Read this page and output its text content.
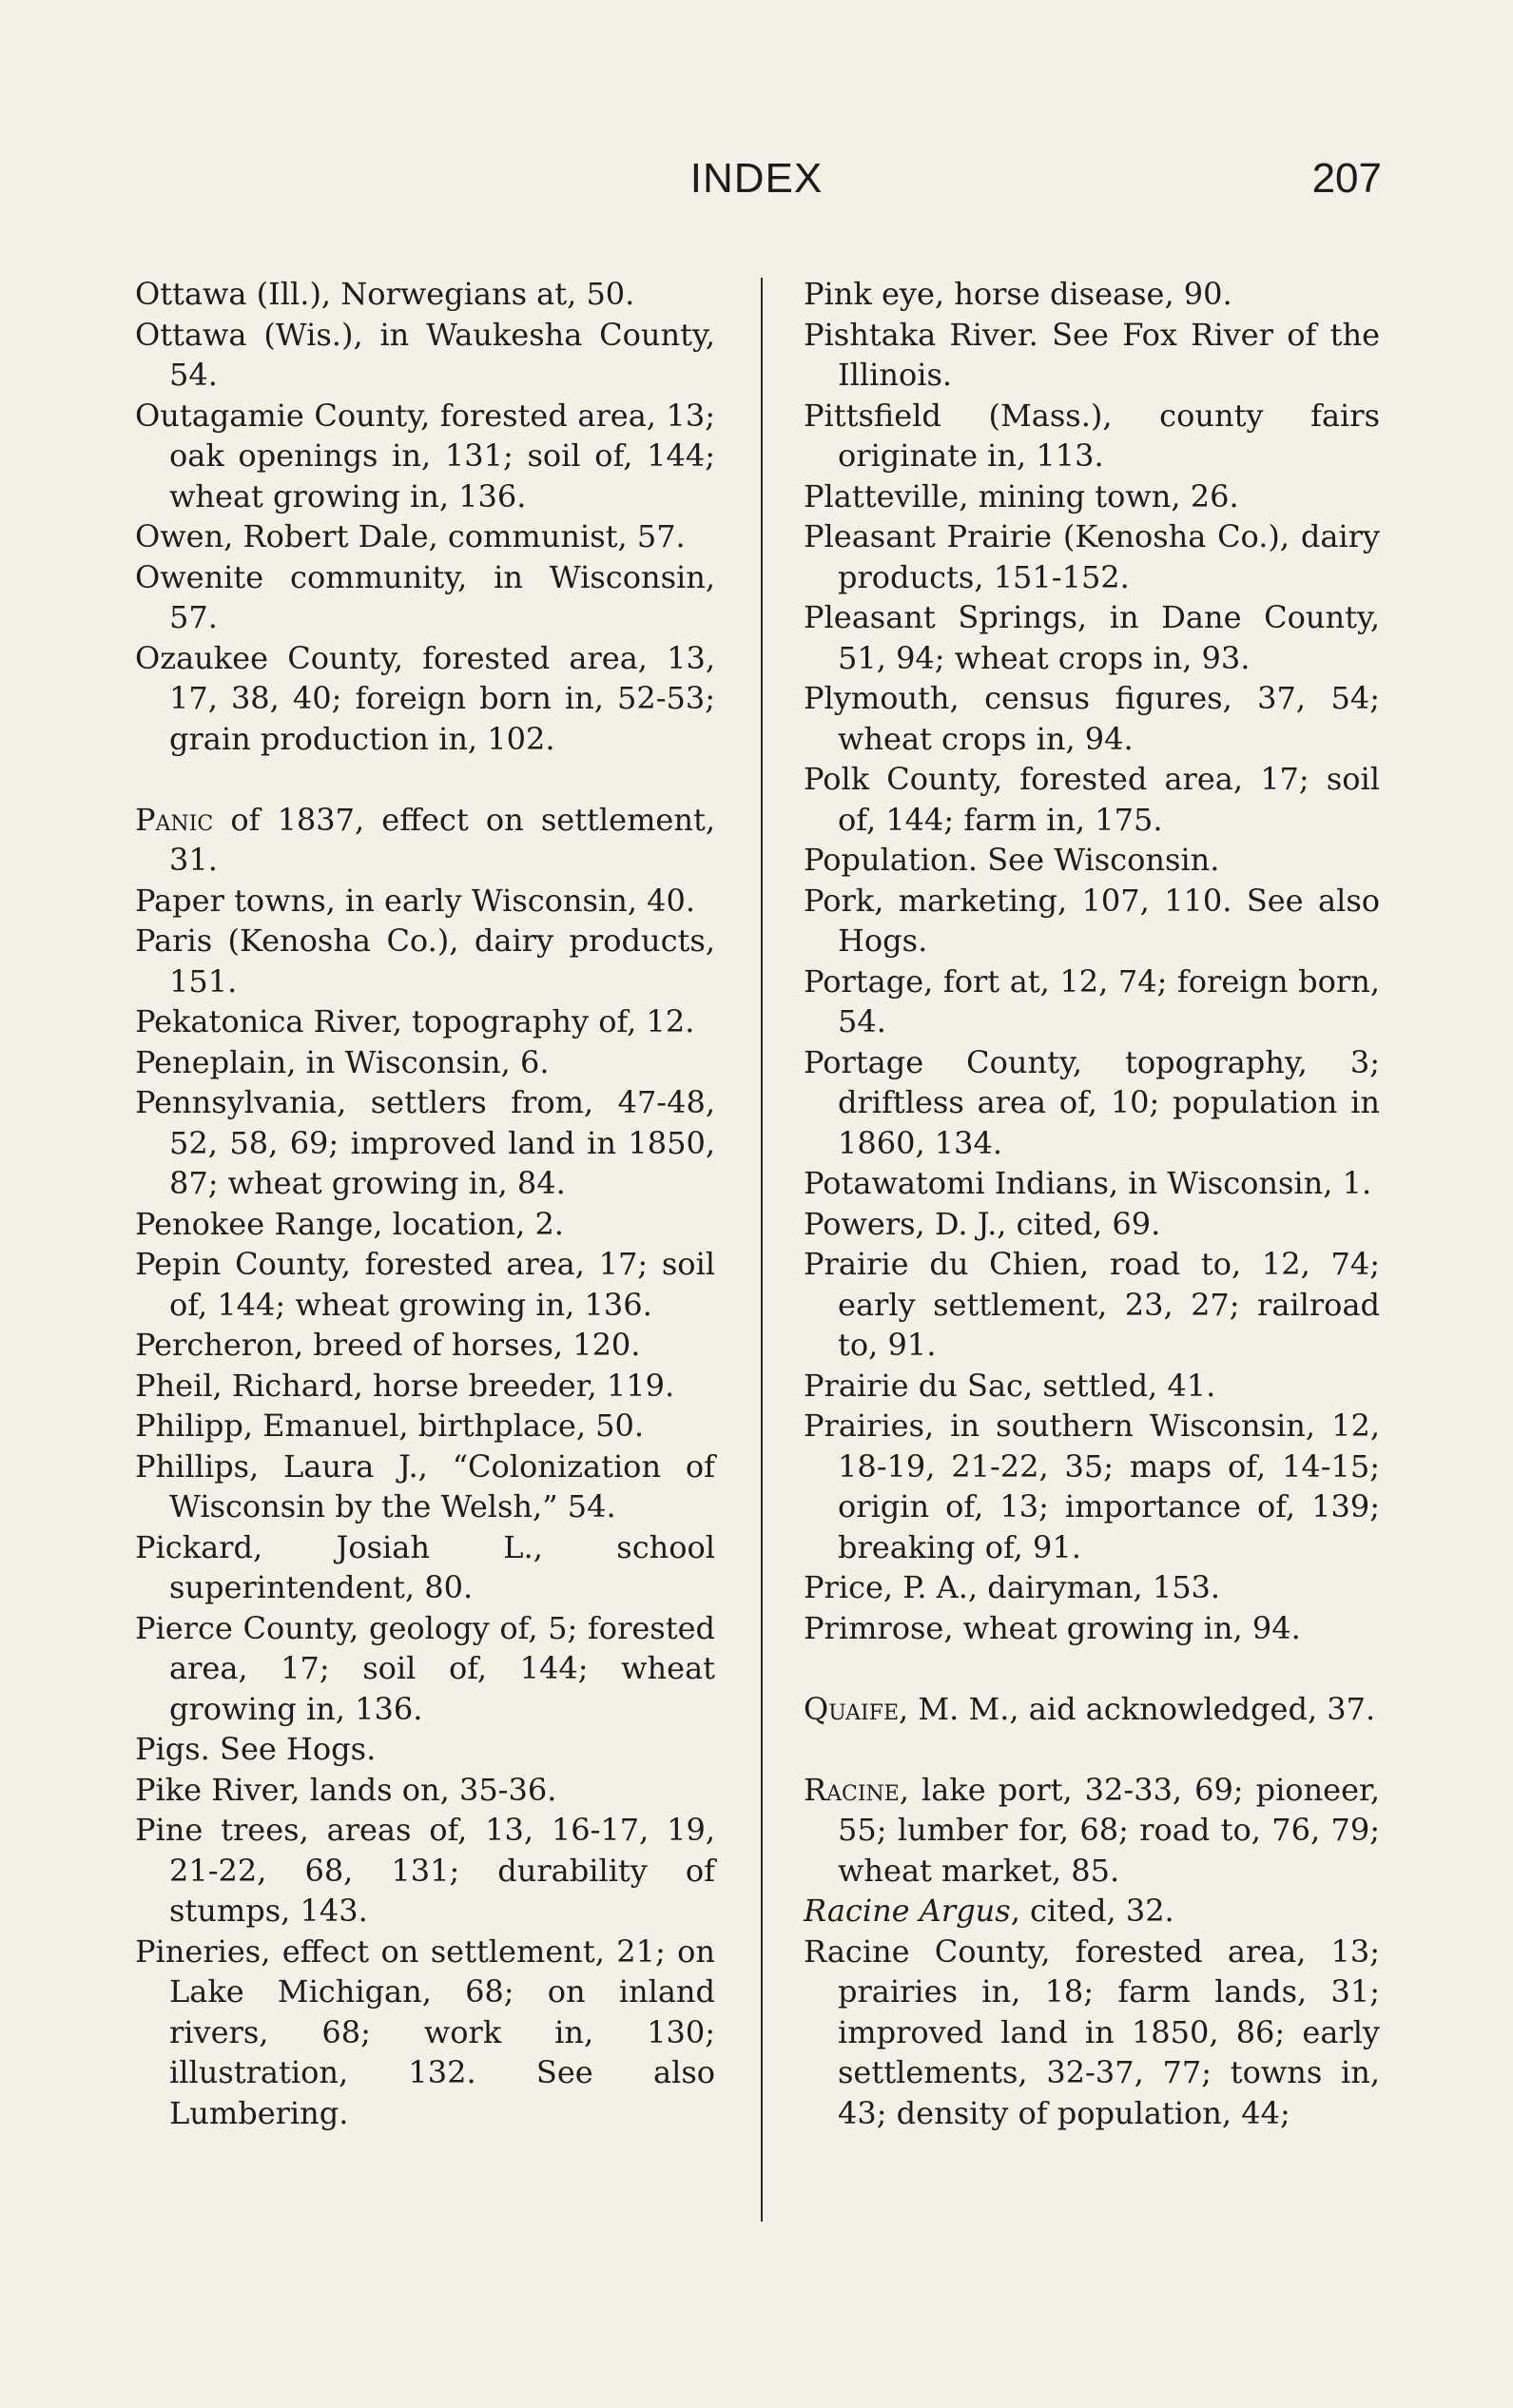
INDEX	207

Ottawa (Ill.), Norwegians at, 50.

Ottawa (Wis.), in Waukesha County, 54.

Outagamie County, forested area, 13; oak openings in, 131; soil of, 144; wheat growing in, 136.

Owen, Robert Dale, communist, 57.

Owenite community, in Wisconsin, 57.

Ozaukee County, forested area, 13, 17, 38, 40; foreign born in, 52-53; grain production in, 102.

Panic of 1837, effect on settlement, 31.

Paper towns, in early Wisconsin, 40.

Paris (Kenosha Co.), dairy products, 151.

Pekatonica River, topography of, 12.

Peneplain, in Wisconsin, 6.

Pennsylvania, settlers from, 47-48, 52, 58, 69; improved land in 1850, 87; wheat growing in, 84.

Penokee Range, location, 2.

Pepin County, forested area, 17; soil of, 144; wheat growing in, 136.

Percheron, breed of horses, 120.

Pheil, Richard, horse breeder, 119.

Philipp, Emanuel, birthplace, 50.

Phillips, Laura J., “Colonization of Wisconsin by the Welsh,” 54.

Pickard, Josiah L., school superintendent, 80.

Pierce County, geology of, 5; forested area, 17; soil of, 144; wheat growing in, 136.

Pigs. See Hogs.

Pike River, lands on, 35-36.

Pine trees, areas of, 13, 16-17, 19, 21-22, 68, 131; durability of stumps, 143.

Pineries, effect on settlement, 21; on Lake Michigan, 68; on inland rivers, 68; work in, 130; illustration, 132. See also Lumbering.

Pink eye, horse disease, 90.

Pishtaka River. See Fox River of the Illinois.

Pittsfield (Mass.), county fairs originate in, 113.

Platteville, mining town, 26.

Pleasant Prairie (Kenosha Co.), dairy products, 151-152.

Pleasant Springs, in Dane County, 51, 94; wheat crops in, 93.

Plymouth, census figures, 37, 54; wheat crops in, 94.

Polk County, forested area, 17; soil of, 144; farm in, 175.

Population. See Wisconsin.

Pork, marketing, 107, 110. See also Hogs.

Portage, fort at, 12, 74; foreign born, 54.

Portage County, topography, 3; driftless area of, 10; population in 1860, 134.

Potawatomi Indians, in Wisconsin, 1.

Powers, D. J., cited, 69.

Prairie du Chien, road to, 12, 74; early settlement, 23, 27; railroad to, 91.

Prairie du Sac, settled, 41.

Prairies, in southern Wisconsin, 12, 18-19, 21-22, 35; maps of, 14-15; origin of, 13; importance of, 139; breaking of, 91.

Price, P. A., dairyman, 153.

Primrose, wheat growing in, 94.

Quaife, M. M., aid acknowledged, 37.

Racine, lake port, 32-33, 69; pioneer, 55; lumber for, 68; road to, 76, 79; wheat market, 85.

Racine Argus, cited, 32.

Racine County, forested area, 13; prairies in, 18; farm lands, 31; improved land in 1850, 86; early settlements, 32-37, 77; towns in, 43; density of population, 44;
